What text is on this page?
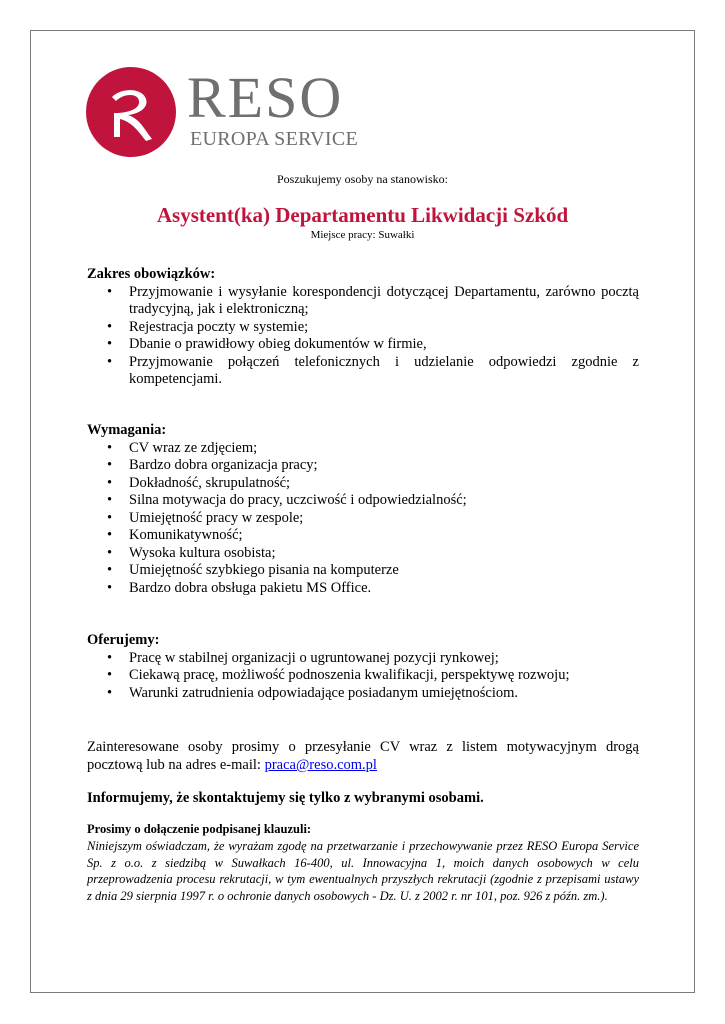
RESO
EUROPA SERVICE
Poszukujemy osoby na stanowisko:
Asystent(ka) Departamentu Likwidacji Szkód
Miejsce pracy: Suwałki

Zakres obowiązków:

•	Przyjmowanie i wysyłanie korespondencji dotyczącej Departamentu, zarówno pocztą tradycyjną, jak i elektroniczną;
•	Rejestracja poczty w systemie;
•	Dbanie o prawidłowy obieg dokumentów w firmie,
•	Przyjmowanie połączeń telefonicznych i udzielanie odpowiedzi zgodnie z kompetencjami.

Wymagania:

•	CV wraz ze zdjęciem;
•	Bardzo dobra organizacja pracy;
•	Dokładność, skrupulatność;
•	Silna motywacja do pracy, uczciwość i odpowiedzialność;
•	Umiejętność pracy w zespole;
•	Komunikatywność;
•	Wysoka kultura osobista;
•	Umiejętność szybkiego pisania na komputerze
•	Bardzo dobra obsługa pakietu MS Office.

Oferujemy:

•	Pracę w stabilnej organizacji o ugruntowanej pozycji rynkowej;
•	Ciekawą pracę, możliwość podnoszenia kwalifikacji, perspektywę rozwoju;
•	Warunki zatrudnienia odpowiadające posiadanym umiejętnościom.
Zainteresowane osoby prosimy o przesyłanie CV wraz z listem motywacyjnym drogą pocztową lub na adres e-mail: praca@reso.com.pl
Informujemy, że skontaktujemy się tylko z wybranymi osobami.

Prosimy o dołączenie podpisanej klauzuli:

Niniejszym oświadczam, że wyrażam zgodę na przetwarzanie i przechowywanie przez RESO Europa Service Sp. z o.o. z siedzibą w Suwałkach 16-400, ul. Innowacyjna 1, moich danych osobowych w celu przeprowadzenia procesu rekrutacji, w tym ewentualnych przyszłych rekrutacji (zgodnie z przepisami ustawy z dnia 29 sierpnia 1997 r. o ochronie danych osobowych - Dz. U. z 2002 r. nr 101, poz. 926 z późn. zm.).
